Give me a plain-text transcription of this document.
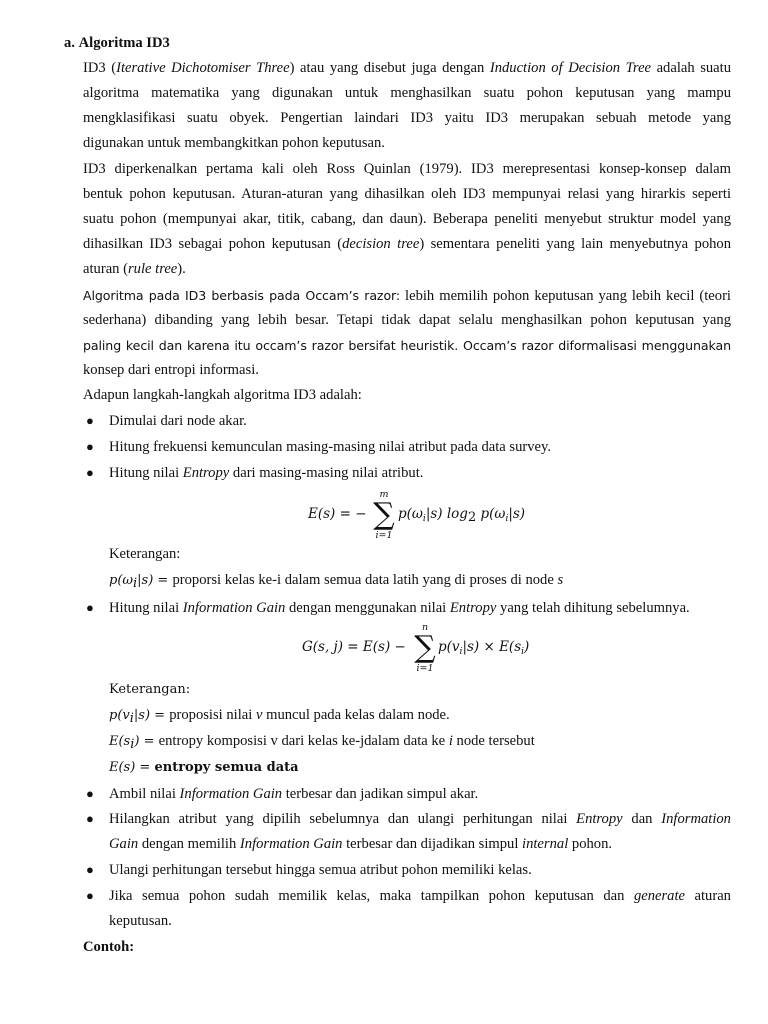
a. Algoritma ID3
ID3 (Iterative Dichotomiser Three) atau yang disebut juga dengan Induction of Decision Tree adalah suatu
algoritma matematika yang digunakan untuk menghasilkan suatu pohon keputusan yang mampu
mengklasifikasi suatu obyek. Pengertian laindari ID3 yaitu ID3 merupakan sebuah metode yang
digunakan untuk membangkitkan pohon keputusan.
ID3 diperkenalkan pertama kali oleh Ross Quinlan (1979). ID3 merepresentasi konsep-konsep dalam
bentuk pohon keputusan. Aturan-aturan yang dihasilkan oleh ID3 mempunyai relasi yang hirarkis seperti
suatu pohon (mempunyai akar, titik, cabang, dan daun). Beberapa peneliti menyebut struktur model yang
dihasilkan ID3 sebagai pohon keputusan (decision tree) sementara peneliti yang lain menyebutnya pohon
aturan (rule tree).
Algoritma pada ID3 berbasis pada Occam’s razor: lebih memilih pohon keputusan yang lebih kecil (teori
sederhana) dibanding yang lebih besar. Tetapi tidak dapat selalu menghasilkan pohon keputusan yang
paling kecil dan karena itu occam’s razor bersifat heuristik. Occam’s razor diformalisasi menggunakan
konsep dari entropi informasi.
Adapun langkah-langkah algoritma ID3 adalah:
● Dimulai dari node akar.
● Hitung frekuensi kemunculan masing-masing nilai atribut pada data survey.
● Hitung nilai Entropy dari masing-masing nilai atribut.
E(s) = −
m
∑
i=1
$p(\omega_i|s)$ $\log_2 p(\omega_i|s)$
Keterangan:
$p(\omega_i|s)$ = proporsi kelas ke-i dalam semua data latih yang di proses di node s
● Hitung nilai Information Gain dengan menggunakan nilai Entropy yang telah dihitung sebelumnya.
G(s, j) = E(s) −
n
∑
i=1
$p(v_i|s) \times E(s_i)$
Keterangan:
$p(v_i|s)$ = proposisi nilai v muncul pada kelas dalam node.
$E(s_i)$ = entropy komposisi v dari kelas ke-jdalam data ke i node tersebut
E(s) = entropy semua data
● Ambil nilai Information Gain terbesar dan jadikan simpul akar.
● Hilangkan atribut yang dipilih sebelumnya dan ulangi perhitungan nilai Entropy dan Information
Gain dengan memilih Information Gain terbesar dan dijadikan simpul internal pohon.
● Ulangi perhitungan tersebut hingga semua atribut pohon memiliki kelas.
● Jika semua pohon sudah memilik kelas, maka tampilkan pohon keputusan dan generate aturan
keputusan.
Contoh:
